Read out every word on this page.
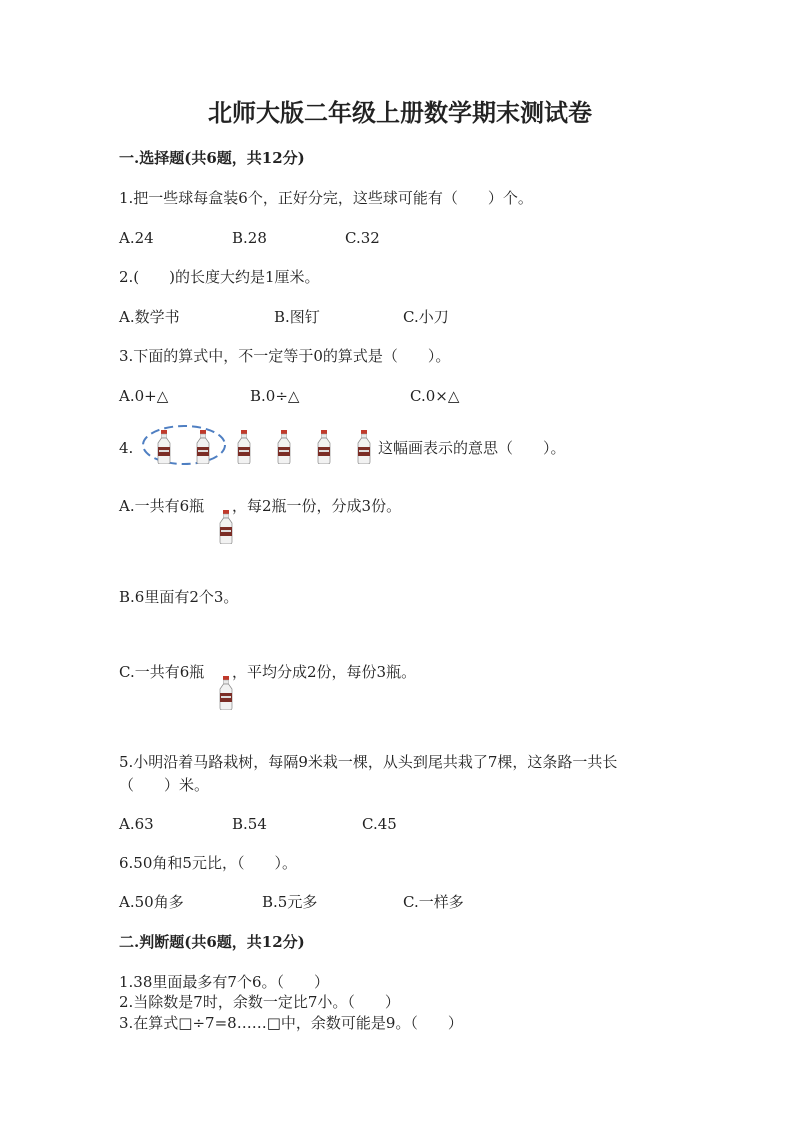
北师大版二年级上册数学期末测试卷
一.选择题(共6题，共12分)
1.把一些球每盒装6个，正好分完，这些球可能有（　　）个。
A.24	B.28	C.32
2.(　　)的长度大约是1厘米。
A.数学书	B.图钉	C.小刀
3.下面的算式中，不一定等于0的算式是（　　）。
A.0+△	B.0÷△	C.0×△
4.	这幅画表示的意思（　　）。
A.一共有6瓶 ，每2瓶一份，分成3份。
B.6里面有2个3。
C.一共有6瓶 ，平均分成2份，每份3瓶。
5.小明沿着马路栽树，每隔9米栽一棵，从头到尾共栽了7棵，这条路一共长
（　　）米。
A.63	B.54	C.45
6.50角和5元比，（　　）。
A.50角多	B.5元多	C.一样多
二.判断题(共6题，共12分)
1.38里面最多有7个6。（　　）
2.当除数是7时，余数一定比7小。（　　）
3.在算式□÷7=8……□中，余数可能是9。（　　）
